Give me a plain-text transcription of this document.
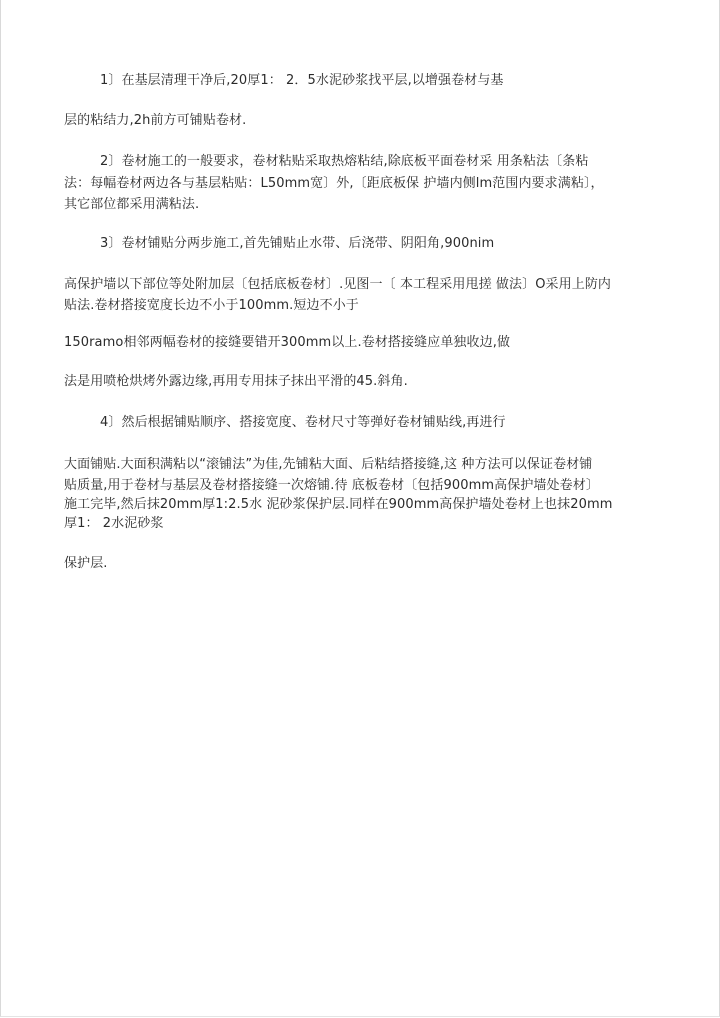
1〕在基层清理干净后,20厚1： 2．5水泥砂浆找平层,以增强卷材与基
层的粘结力,2h前方可铺贴卷材.
2〕卷材施工的一般要求，卷材粘贴采取热熔粘结,除底板平面卷材采 用条粘法〔条粘
法：每幅卷材两边各与基层粘贴：L50mm宽〕外,〔距底板保 护墙内侧lm范围内要求满粘〕，
其它部位都采用满粘法.
3〕卷材铺贴分两步施工,首先铺贴止水带、后浇带、阴阳角,900nim
高保护墙以下部位等处附加层〔包括底板卷材〕.见图一〔 本工程采用甩搓 做法〕O采用上防内
贴法.卷材搭接宽度长边不小于100mm.短边不小于
150ramo相邻两幅卷材的接缝要错开300mm以上.卷材搭接缝应单独收边,做
法是用喷枪烘烤外露边缘,再用专用抹子抹出平滑的45.斜角.
4〕然后根据铺贴顺序、搭接宽度、卷材尺寸等弹好卷材铺贴线,再进行
大面铺贴.大面积满粘以“滚铺法”为佳,先铺粘大面、后粘结搭接缝,这 种方法可以保证卷材铺
贴质量,用于卷材与基层及卷材搭接缝一次熔铺.待 底板卷材〔包括900mm高保护墙处卷材〕
施工完毕,然后抹20mm厚1:2.5水 泥砂浆保护层.同样在900mm高保护墙处卷材上也抹20mm
厚1： 2水泥砂浆
保护层.
